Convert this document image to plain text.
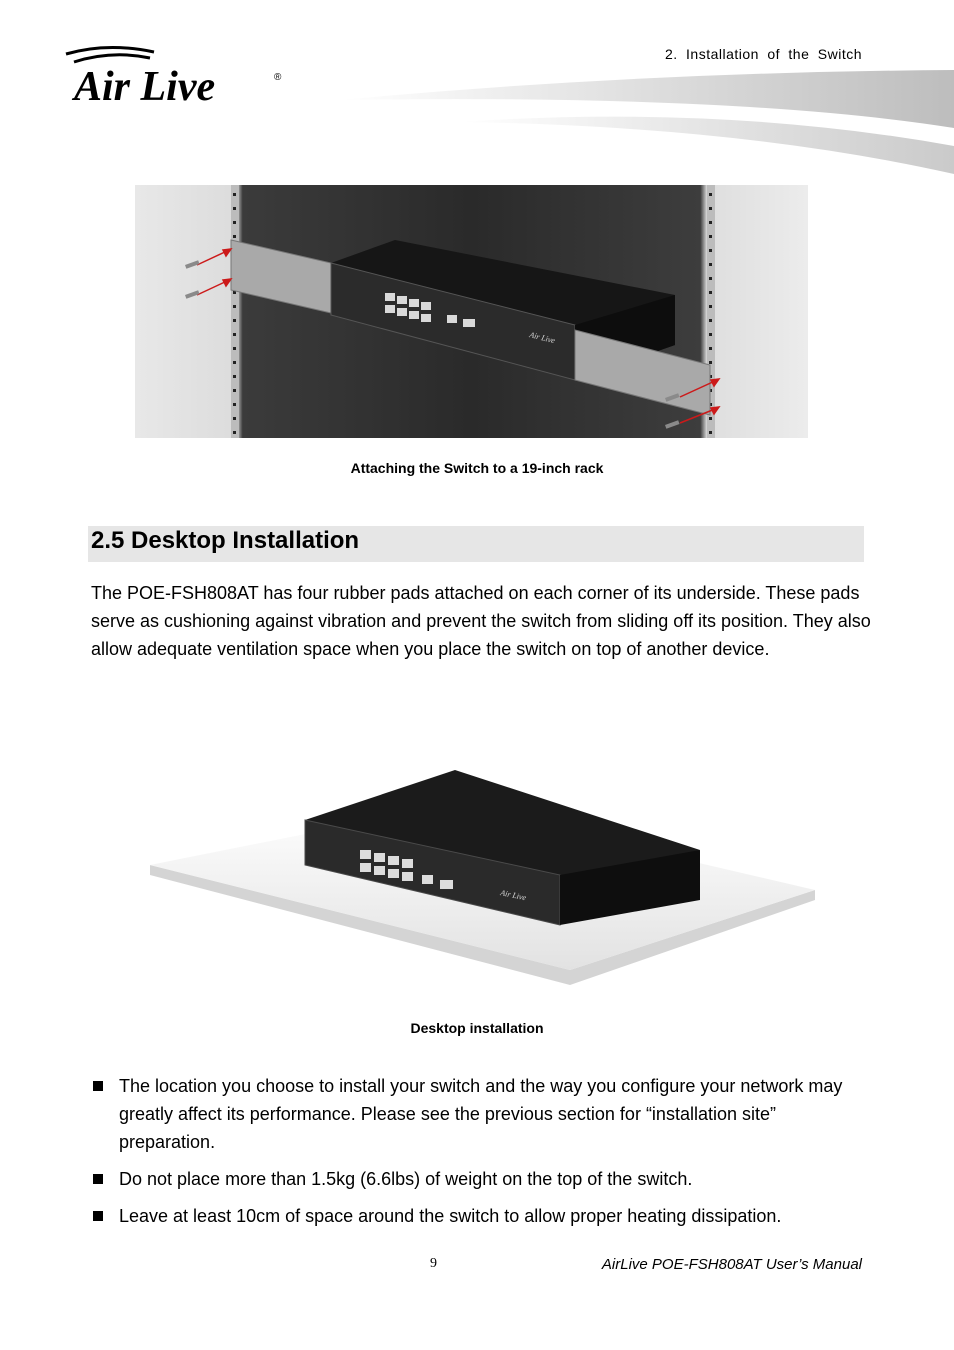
2. Installation of the Switch
Air Live	®
Air Live
Attaching the Switch to a 19-inch rack
2.5 Desktop Installation
The POE-FSH808AT has four rubber pads attached on each corner of its underside. These pads serve as cushioning against vibration and prevent the switch from sliding off its position. They also allow adequate ventilation space when you place the switch on top of another device.
Air Live
Desktop installation
The location you choose to install your switch and the way you configure your network may greatly affect its performance. Please see the previous section for “installation site” preparation.
Do not place more than 1.5kg (6.6lbs) of weight on the top of the switch.
Leave at least 10cm of space around the switch to allow proper heating dissipation.
9	AirLive POE-FSH808AT User’s Manual
